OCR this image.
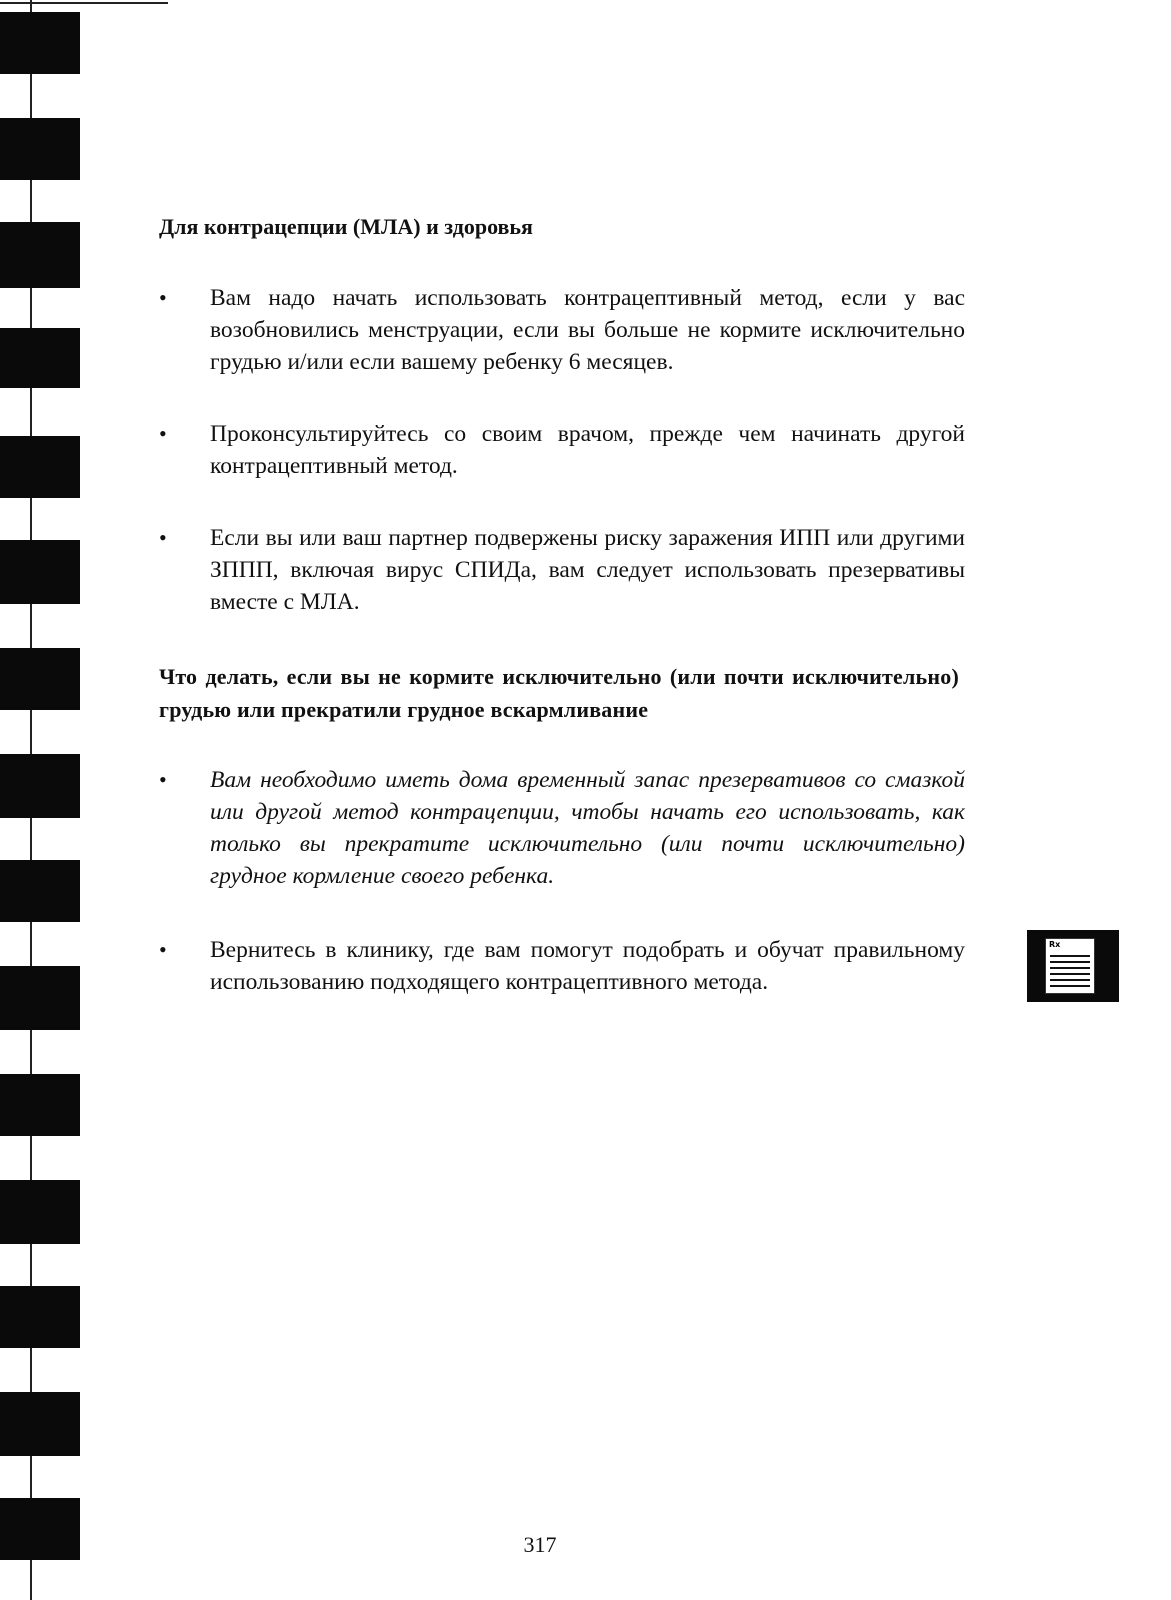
Для контрацепции (МЛА) и здоровья
•	Вам надо начать использовать контрацептивный метод, если у вас возобновились менструации, если вы больше не кормите исключительно грудью и/или если вашему ребенку 6 месяцев.
•	Проконсультируйтесь со своим врачом, прежде чем начинать другой контрацептивный метод.
•	Если вы или ваш партнер подвержены риску заражения ИПП или другими ЗППП, включая вирус СПИДа, вам следует использовать презервативы вместе с МЛА.
Что делать, если вы не кормите исключительно (или почти исключительно) грудью или прекратили грудное вскармливание
•	Вам необходимо иметь дома временный запас презервативов со смазкой или другой метод контрацепции, чтобы начать его использовать, как только вы прекратите исключительно (или почти исключительно) грудное кормление своего ребенка.
•	Вернитесь в клинику, где вам помогут подобрать и обучат правильному использованию подходящего контрацептивного метода.
Rx
317
